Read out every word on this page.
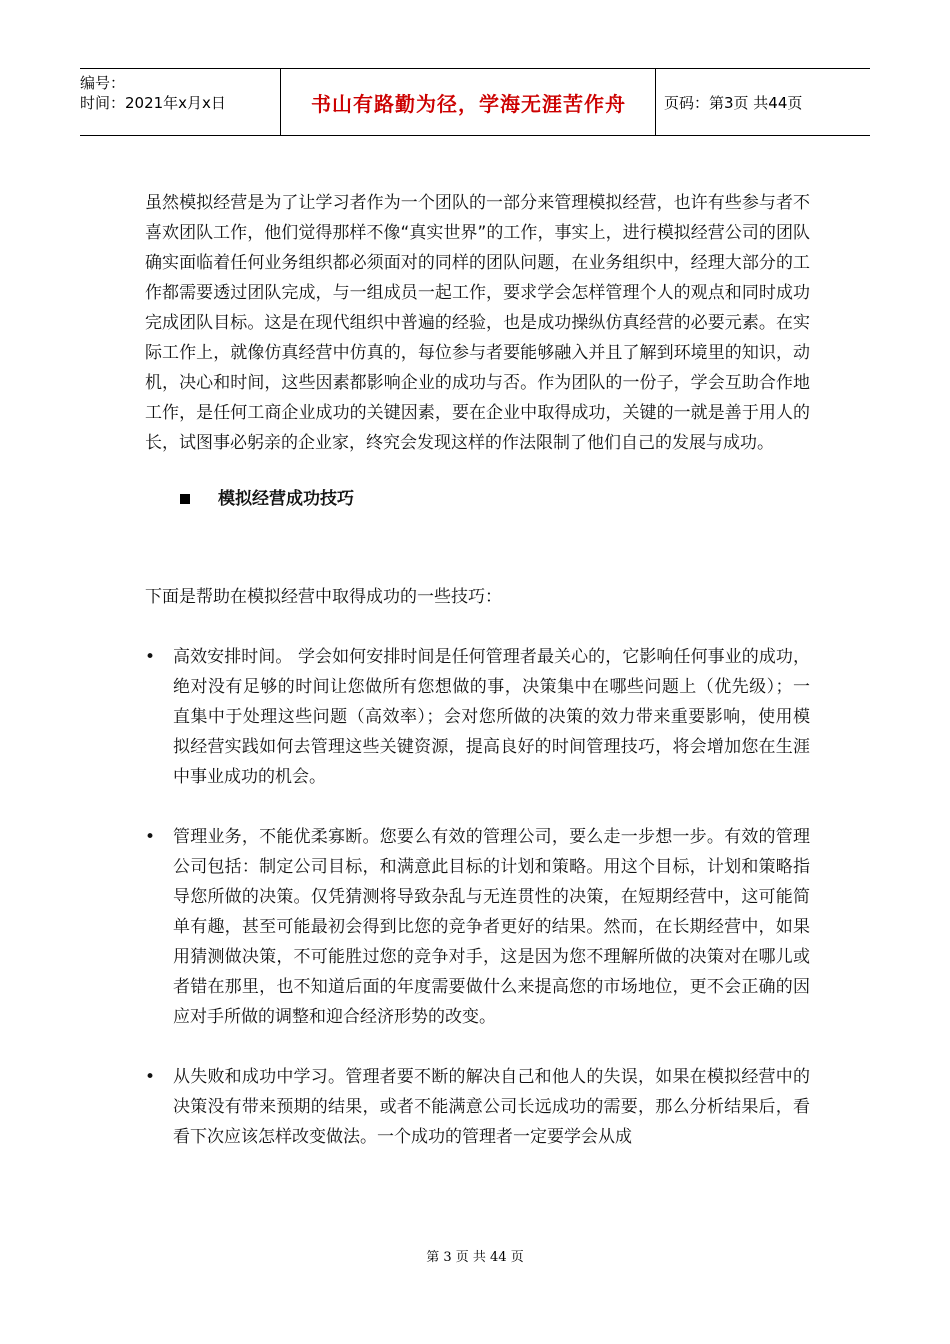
编号：
时间：2021年x月x日	书山有路勤为径，学海无涯苦作舟	页码：第3页 共44页

虽然模拟经营是为了让学习者作为一个团队的一部分来管理模拟经营，也许有些参与者不喜欢团队工作，他们觉得那样不像“真实世界”的工作，事实上，进行模拟经营公司的团队确实面临着任何业务组织都必须面对的同样的团队问题，在业务组织中，经理大部分的工作都需要透过团队完成，与一组成员一起工作，要求学会怎样管理个人的观点和同时成功完成团队目标。这是在现代组织中普遍的经验，也是成功操纵仿真经营的必要元素。在实际工作上，就像仿真经营中仿真的，每位参与者要能够融入并且了解到环境里的知识，动机，决心和时间，这些因素都影响企业的成功与否。作为团队的一份子，学会互助合作地工作，是任何工商企业成功的关键因素，要在企业中取得成功，关键的一就是善于用人的长，试图事必躬亲的企业家，终究会发现这样的作法限制了他们自己的发展与成功。

模拟经营成功技巧

下面是帮助在模拟经营中取得成功的一些技巧：

•	高效安排时间。 学会如何安排时间是任何管理者最关心的，它影响任何事业的成功，绝对没有足够的时间让您做所有您想做的事，决策集中在哪些问题上（优先级）；一直集中于处理这些问题（高效率）；会对您所做的决策的效力带来重要影响，使用模拟经营实践如何去管理这些关键资源，提高良好的时间管理技巧，将会增加您在生涯中事业成功的机会。

•	管理业务，不能优柔寡断。您要么有效的管理公司，要么走一步想一步。有效的管理公司包括：制定公司目标，和满意此目标的计划和策略。用这个目标，计划和策略指导您所做的决策。仅凭猜测将导致杂乱与无连贯性的决策，在短期经营中，这可能简单有趣，甚至可能最初会得到比您的竞争者更好的结果。然而，在长期经营中，如果用猜测做决策，不可能胜过您的竞争对手，这是因为您不理解所做的决策对在哪儿或者错在那里，也不知道后面的年度需要做什么来提高您的市场地位，更不会正确的因应对手所做的调整和迎合经济形势的改变。

•	从失败和成功中学习。管理者要不断的解决自己和他人的失误，如果在模拟经营中的决策没有带来预期的结果，或者不能满意公司长远成功的需要，那么分析结果后，看看下次应该怎样改变做法。一个成功的管理者一定要学会从成

第 3 页 共 44 页
